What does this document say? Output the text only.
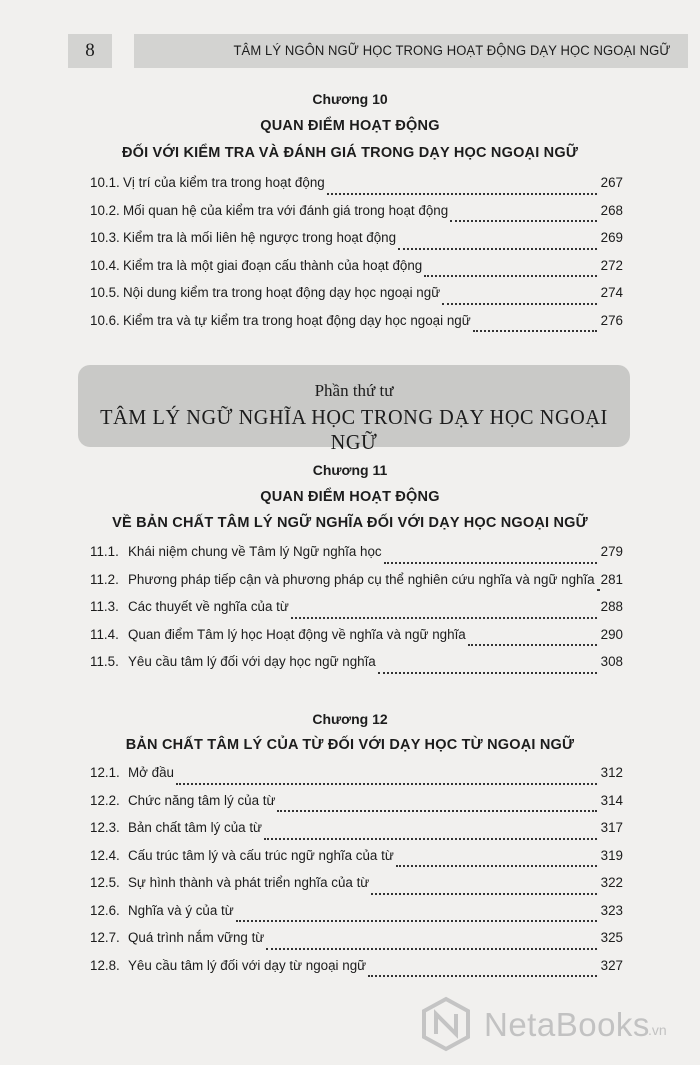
8	TÂM LÝ NGÔN NGỮ HỌC TRONG HOẠT ĐỘNG DẠY HỌC NGOẠI NGỮ
Chương 10
QUAN ĐIỂM HOẠT ĐỘNG
ĐỐI VỚI KIỂM TRA VÀ ĐÁNH GIÁ TRONG DẠY HỌC NGOẠI NGỮ
10.1. Vị trí của kiểm tra trong hoạt động	267
10.2. Mối quan hệ của kiểm tra với đánh giá trong hoạt động	268
10.3. Kiểm tra là mối liên hệ ngược trong hoạt động	269
10.4. Kiểm tra là một giai đoạn cấu thành của hoạt động	272
10.5. Nội dung kiểm tra trong hoạt động dạy học ngoại ngữ	274
10.6. Kiểm tra và tự kiểm tra trong hoạt động dạy học ngoại ngữ	276
Phần thứ tư
TÂM LÝ NGỮ NGHĨA HỌC TRONG DẠY HỌC NGOẠI NGỮ
Chương 11
QUAN ĐIỂM HOẠT ĐỘNG
VỀ BẢN CHẤT TÂM LÝ NGỮ NGHĨA ĐỐI VỚI DẠY HỌC NGOẠI NGỮ
11.1. Khái niệm chung về Tâm lý Ngữ nghĩa học	279
11.2. Phương pháp tiếp cận và phương pháp cụ thể nghiên cứu nghĩa và ngữ nghĩa 281
11.3. Các thuyết về nghĩa của từ	288
11.4. Quan điểm Tâm lý học Hoạt động về nghĩa và ngữ nghĩa	290
11.5. Yêu cầu tâm lý đối với dạy học ngữ nghĩa	308
Chương 12
BẢN CHẤT TÂM LÝ CỦA TỪ ĐỐI VỚI DẠY HỌC TỪ NGOẠI NGỮ
12.1. Mở đầu	312
12.2. Chức năng tâm lý của từ	314
12.3. Bản chất tâm lý của từ	317
12.4. Cấu trúc tâm lý và cấu trúc ngữ nghĩa của từ	319
12.5. Sự hình thành và phát triển nghĩa của từ	322
12.6. Nghĩa và ý của từ	323
12.7. Quá trình nắm vững từ	325
12.8. Yêu cầu tâm lý đối với dạy từ ngoại ngữ	327
NetaBooks
.vn
